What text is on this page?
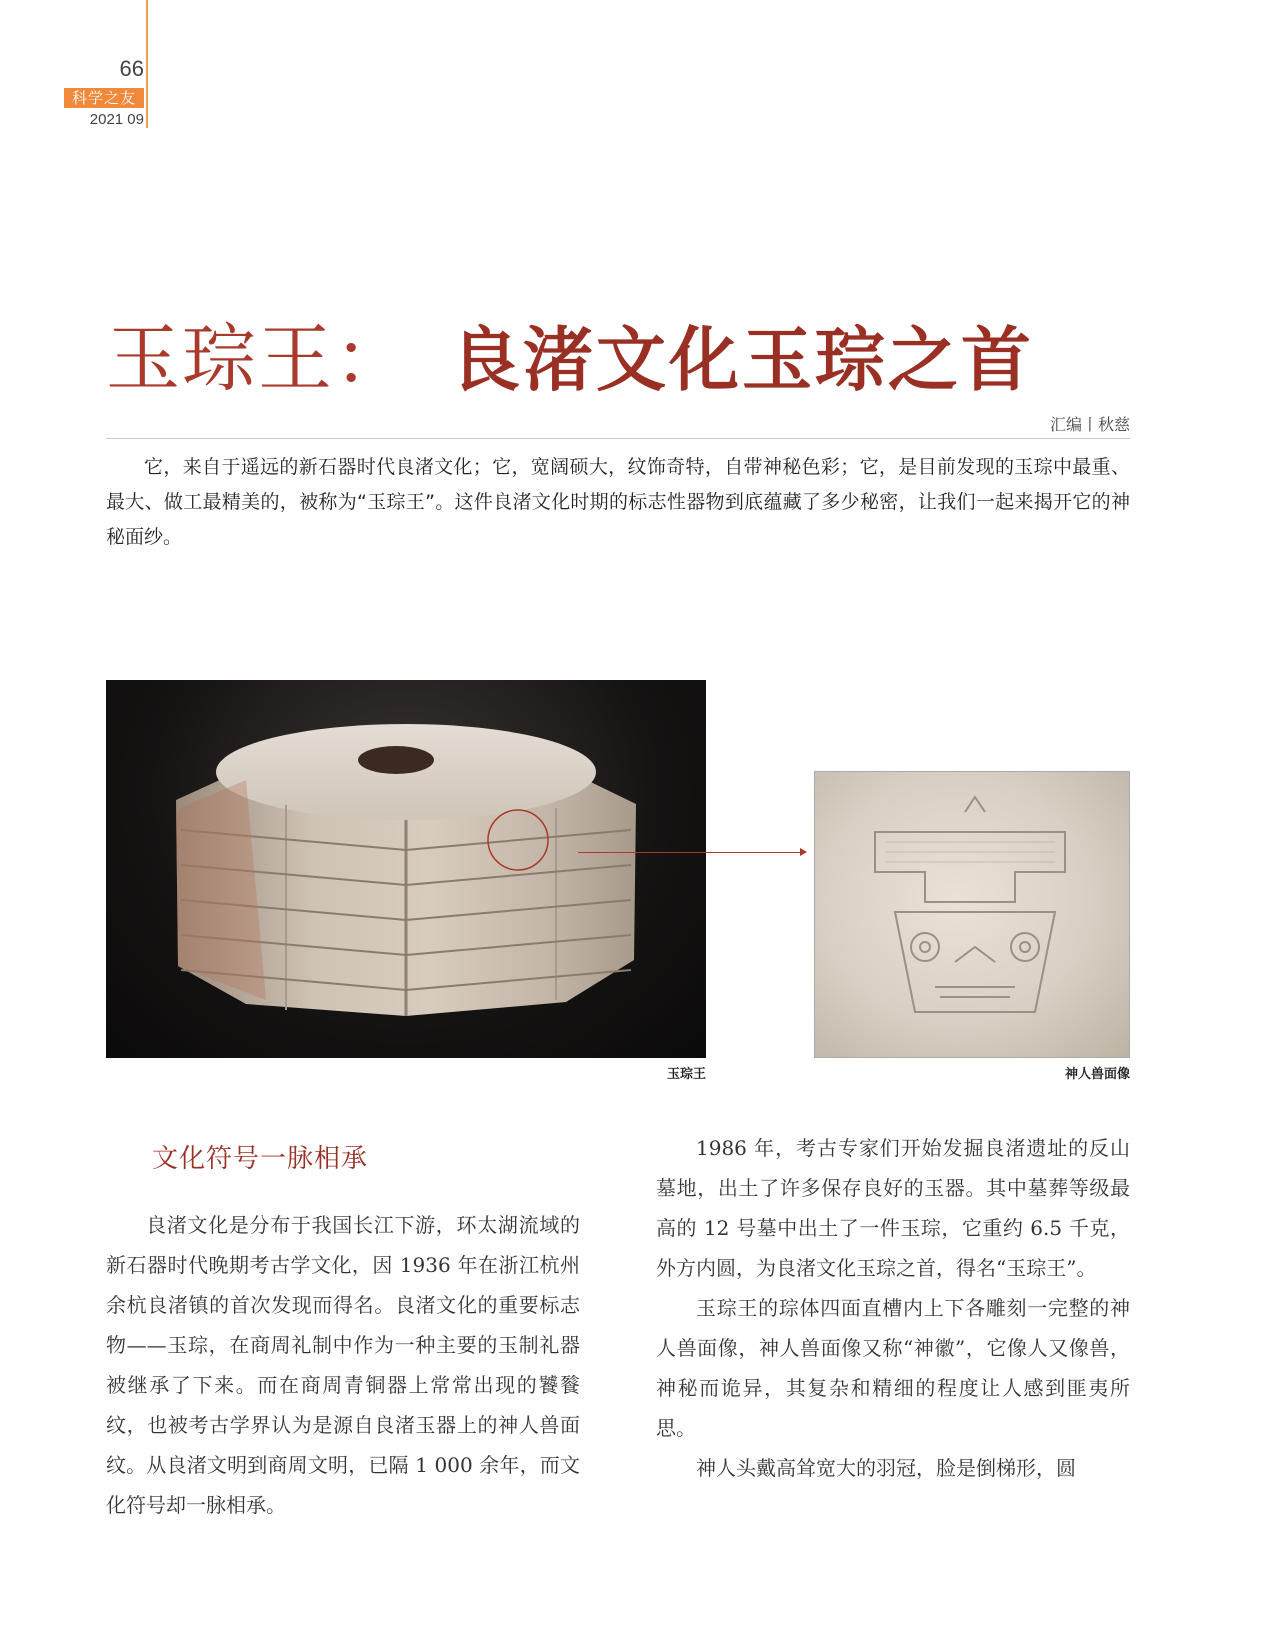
66
科学之友
2021 09
玉琮王： 良渚文化玉琮之首
汇编丨秋慈
它，来自于遥远的新石器时代良渚文化；它，宽阔硕大，纹饰奇特，自带神秘色彩；它，是目前发现的玉琮中最重、最大、做工最精美的，被称为“玉琮王”。这件良渚文化时期的标志性器物到底蕴藏了多少秘密，让我们一起来揭开它的神秘面纱。
玉琮王	神人兽面像
文化符号一脉相承

良渚文化是分布于我国长江下游，环太湖流域的新石器时代晚期考古学文化，因 1936 年在浙江杭州余杭良渚镇的首次发现而得名。良渚文化的重要标志物——玉琮，在商周礼制中作为一种主要的玉制礼器被继承了下来。而在商周青铜器上常常出现的饕餮纹，也被考古学界认为是源自良渚玉器上的神人兽面纹。从良渚文明到商周文明，已隔 1 000 余年，而文化符号却一脉相承。

1986 年，考古专家们开始发掘良渚遗址的反山墓地，出土了许多保存良好的玉器。其中墓葬等级最高的 12 号墓中出土了一件玉琮，它重约 6.5 千克，外方内圆，为良渚文化玉琮之首，得名“玉琮王”。

玉琮王的琮体四面直槽内上下各雕刻一完整的神人兽面像，神人兽面像又称“神徽”，它像人又像兽，神秘而诡异，其复杂和精细的程度让人感到匪夷所思。

神人头戴高耸宽大的羽冠，脸是倒梯形，圆
